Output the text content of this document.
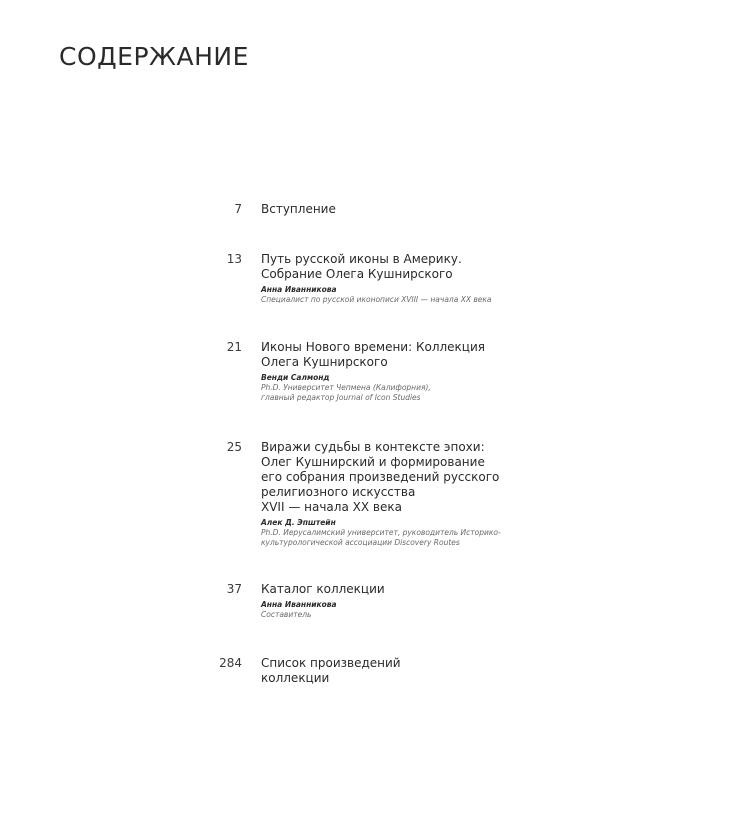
СОДЕРЖАНИЕ
7 Вступление
13 Путь русской иконы в Америку.
Собрание Олега Кушнирского
Анна Иванникова
Специалист по русской иконописи XVIII — начала XX века
21 Иконы Нового времени: Коллекция
Олега Кушнирского
Венди Салмонд
Ph.D. Университет Чепмена (Калифорния),
главный редактор Journal of Icon Studies
25 Виражи судьбы в контексте эпохи:
Олег Кушнирский и формирование
его собрания произведений русского
религиозного искусства
XVII — начала XX века
Алек Д. Эпштейн
Ph.D. Иерусалимский университет, руководитель Историко-
культурологической ассоциации Discovery Routes
37 Каталог коллекции
Анна Иванникова
Составитель
284 Список произведений
коллекции
